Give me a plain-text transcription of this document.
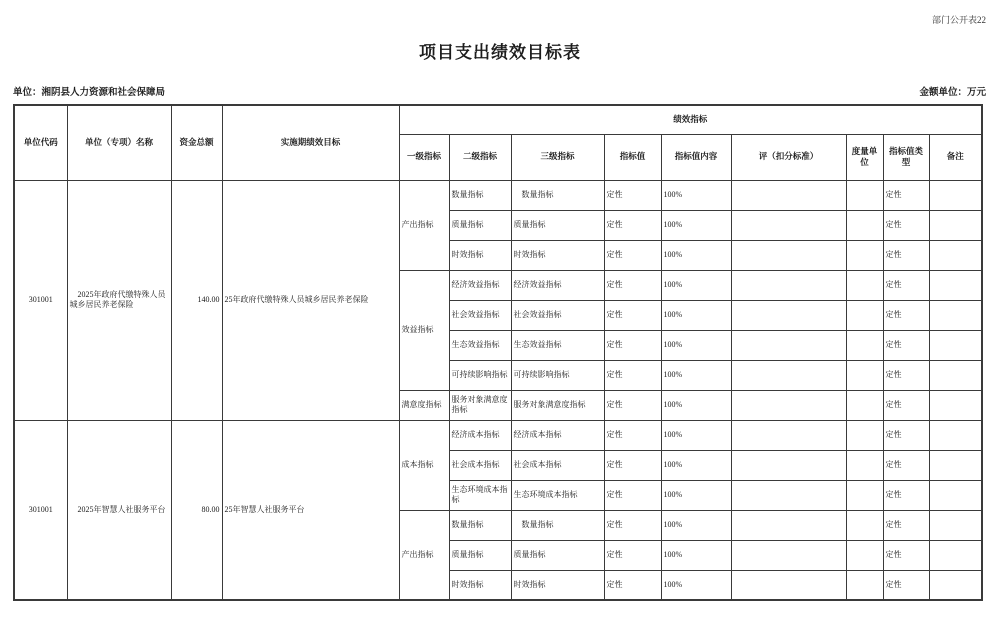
部门公开表22
项目支出绩效目标表
单位：湘阴县人力资源和社会保障局	金额单位：万元
单位代码	单位（专项）名称	资金总额	实施期绩效目标	绩效指标								
				一级指标	二级指标	三级指标	指标值	指标值内容	评（扣分标准）	度量单位	指标值类型	备注
301001	　2025年政府代缴特殊人员城乡居民养老保险	140.00	25年政府代缴特殊人员城乡居民养老保险	产出指标	数量指标	　数量指标	定性	100%			定性	
					质量指标	质量指标	定性	100%			定性	
					时效指标	时效指标	定性	100%			定性	
				效益指标	经济效益指标	经济效益指标	定性	100%			定性	
					社会效益指标	社会效益指标	定性	100%			定性	
					生态效益指标	生态效益指标	定性	100%			定性	
					可持续影响指标	可持续影响指标	定性	100%			定性	
				满意度指标	服务对象满意度指标	服务对象满意度指标	定性	100%			定性	
301001	　2025年智慧人社服务平台	80.00	25年智慧人社服务平台	成本指标	经济成本指标	经济成本指标	定性	100%			定性	
					社会成本指标	社会成本指标	定性	100%			定性	
					生态环境成本指标	生态环境成本指标	定性	100%			定性	
				产出指标	数量指标	　数量指标	定性	100%			定性	
					质量指标	质量指标	定性	100%			定性	
					时效指标	时效指标	定性	100%			定性	
